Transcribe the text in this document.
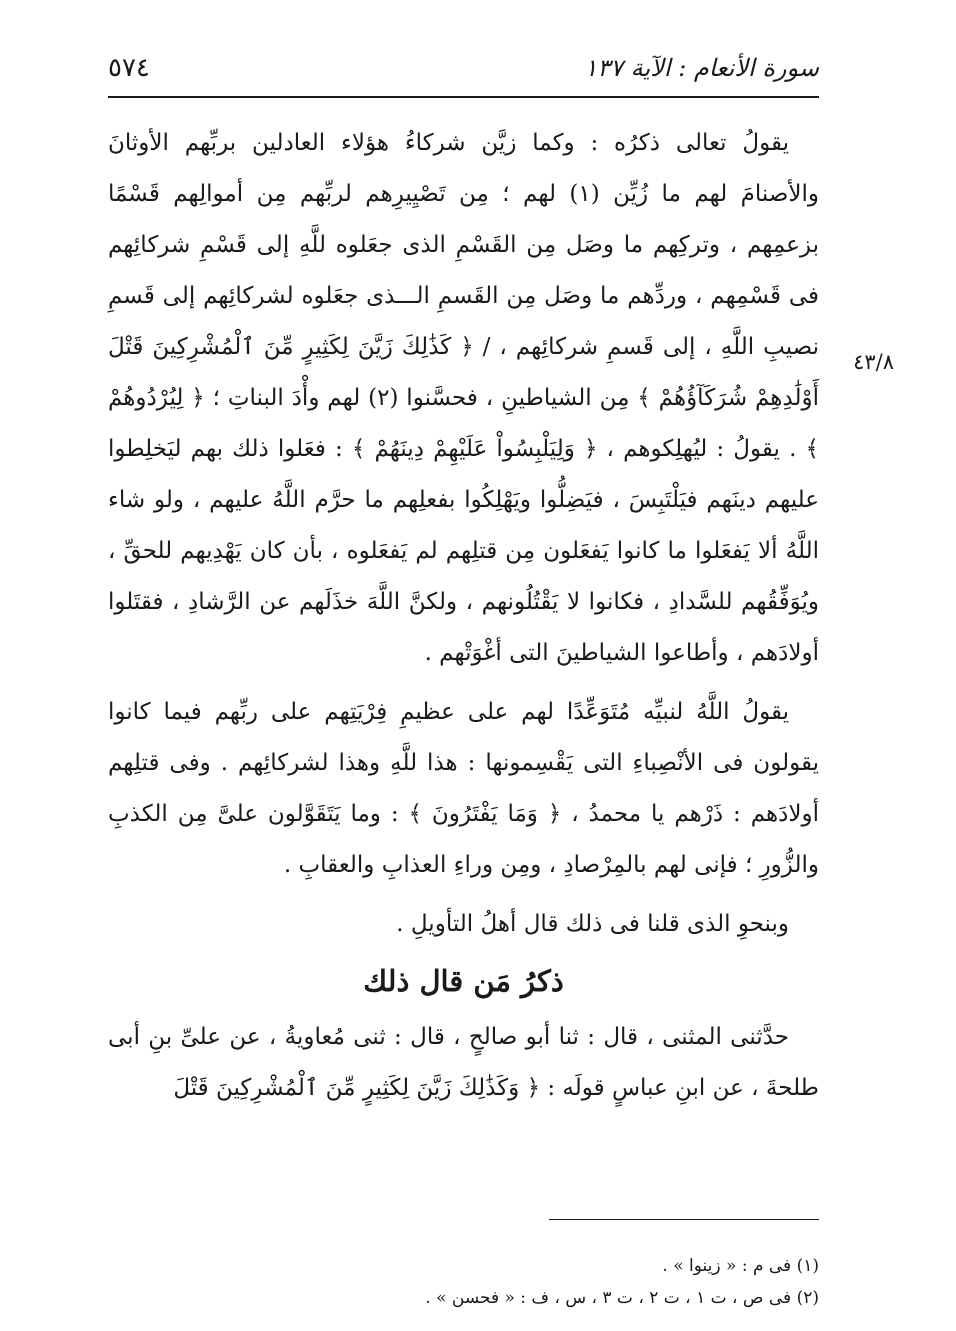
٥٧٤	سورة الأنعام : الآية ١٣٧
٤٣/٨

يقولُ تعالى ذكرُه : وكما زيَّن شركاءُ هؤلاء العادلين بربِّهم الأوثانَ والأصنامَ لهم ما زُيِّن (١) لهم ؛ مِن تَصْيِيرِهم لربِّهم مِن أموالِهم قَسْمًا بزعمِهم ، وتركِهم ما وصَل مِن القَسْمِ الذى جعَلوه للَّهِ إلى قَسْمِ شركائِهم فى قَسْمِهم ، وردِّهم ما وصَل مِن القَسمِ الـــذى جعَلوه لشركائِهم إلى قَسمِ نصيبِ اللَّهِ ، إلى قَسمِ شركائِهم ، / ﴿ كَذَٰلِكَ زَيَّنَ لِكَثِيرٍ مِّنَ ٱلْمُشْرِكِينَ قَتْلَ أَوْلَٰدِهِمْ شُرَكَآؤُهُمْ ﴾ مِن الشياطينِ ، فحسَّنوا (٢) لهم وأْدَ البناتِ ؛ ﴿ لِيُرْدُوهُمْ ﴾ . يقولُ : ليُهلِكوهم ، ﴿ وَلِيَلْبِسُواْ عَلَيْهِمْ دِينَهُمْ ﴾ : فعَلوا ذلك بهم ليَخلِطوا عليهم دينَهم فيَلْتَبِسَ ، فيَضِلُّوا ويَهْلِكُوا بفعلِهم ما حرَّم اللَّهُ عليهم ، ولو شاء اللَّهُ ألا يَفعَلوا ما كانوا يَفعَلون مِن قتلِهم لم يَفعَلوه ، بأن كان يَهْدِيهم للحقِّ ، ويُوَفِّقُهم للسَّدادِ ، فكانوا لا يَقْتُلُونهم ، ولكنَّ اللَّهَ خذَلَهم عن الرَّشادِ ، فقتَلوا أولادَهم ، وأطاعوا الشياطينَ التى أغْوَتْهم .

يقولُ اللَّهُ لنبيِّه مُتَوَعِّدًا لهم على عظيمِ فِرْيَتِهم على ربِّهم فيما كانوا يقولون فى الأنْصِباءِ التى يَقْسِمونها : هذا للَّهِ وهذا لشركائِهم . وفى قتلِهم أولادَهم : ذَرْهم يا محمدُ ، ﴿ وَمَا يَفْتَرُونَ ﴾ : وما يَتَقَوَّلون علىَّ مِن الكذبِ والزُّورِ ؛ فإنى لهم بالمِرْصادِ ، ومِن وراءِ العذابِ والعقابِ .

وبنحوِ الذى قلنا فى ذلك قال أهلُ التأويلِ .

ذكرُ مَن قال ذلك

حدَّثنى المثنى ، قال : ثنا أبو صالحٍ ، قال : ثنى مُعاويةُ ، عن علىِّ بنِ أبى طلحةَ ، عن ابنِ عباسٍ قولَه : ﴿ وَكَذَٰلِكَ زَيَّنَ لِكَثِيرٍ مِّنَ ٱلْمُشْرِكِينَ قَتْلَ

(١) فى م : « زينوا » .
(٢) فى ص ، ت ١ ، ت ٢ ، ت ٣ ، س ، ف : « فحسن » .
